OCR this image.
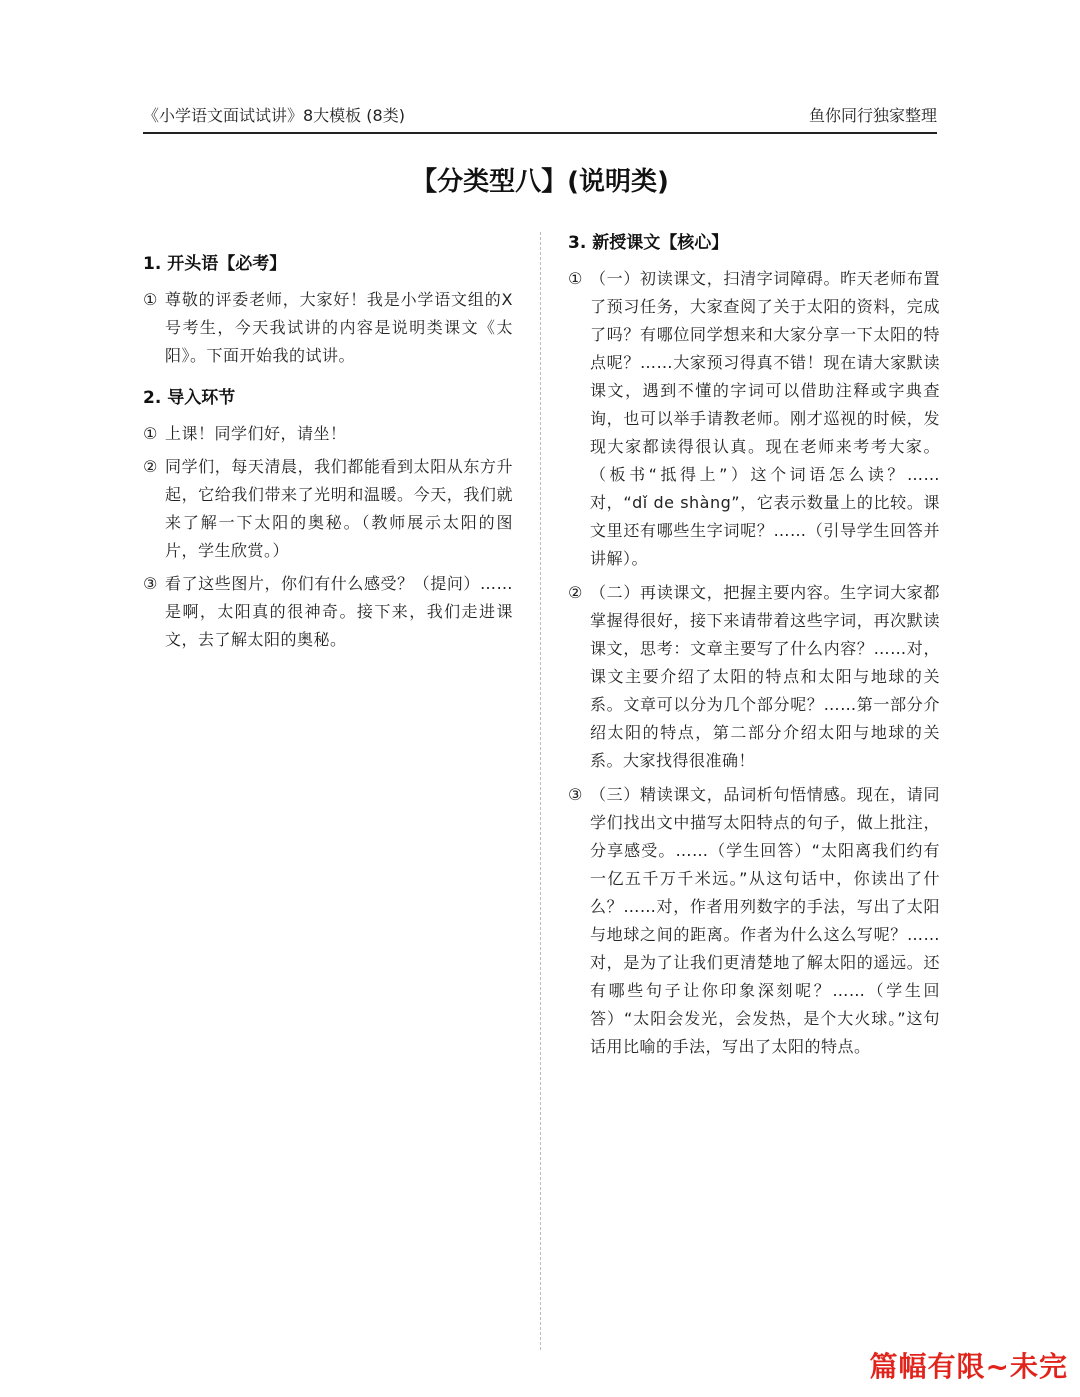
《小学语文面试试讲》8大模板 (8类)	鱼你同行独家整理
【分类型八】(说明类)
1. 开头语【必考】
① 尊敬的评委老师，大家好！我是小学语文组的X号考生，今天我试讲的内容是说明类课文《太阳》。下面开始我的试讲。
2. 导入环节
① 上课！同学们好，请坐！
② 同学们，每天清晨，我们都能看到太阳从东方升起，它给我们带来了光明和温暖。今天，我们就来了解一下太阳的奥秘。（教师展示太阳的图片，学生欣赏。）
③ 看了这些图片，你们有什么感受？（提问）……是啊，太阳真的很神奇。接下来，我们走进课文，去了解太阳的奥秘。
3. 新授课文【核心】
① （一）初读课文，扫清字词障碍。昨天老师布置了预习任务，大家查阅了关于太阳的资料，完成了吗？有哪位同学想来和大家分享一下太阳的特点呢？……大家预习得真不错！现在请大家默读课文，遇到不懂的字词可以借助注释或字典查询，也可以举手请教老师。刚才巡视的时候，发现大家都读得很认真。现在老师来考考大家。（板书“抵得上”）这个词语怎么读？……对，“dǐ de shàng”，它表示数量上的比较。课文里还有哪些生字词呢？……（引导学生回答并讲解）。
② （二）再读课文，把握主要内容。生字词大家都掌握得很好，接下来请带着这些字词，再次默读课文，思考：文章主要写了什么内容？……对，课文主要介绍了太阳的特点和太阳与地球的关系。文章可以分为几个部分呢？……第一部分介绍太阳的特点，第二部分介绍太阳与地球的关系。大家找得很准确！
③ （三）精读课文，品词析句悟情感。现在，请同学们找出文中描写太阳特点的句子，做上批注，分享感受。……（学生回答）“太阳离我们约有一亿五千万千米远。”从这句话中，你读出了什么？……对，作者用列数字的手法，写出了太阳与地球之间的距离。作者为什么这么写呢？……对，是为了让我们更清楚地了解太阳的遥远。还有哪些句子让你印象深刻呢？……（学生回答）“太阳会发光，会发热，是个大火球。”这句话用比喻的手法，写出了太阳的特点。
篇幅有限~未完
